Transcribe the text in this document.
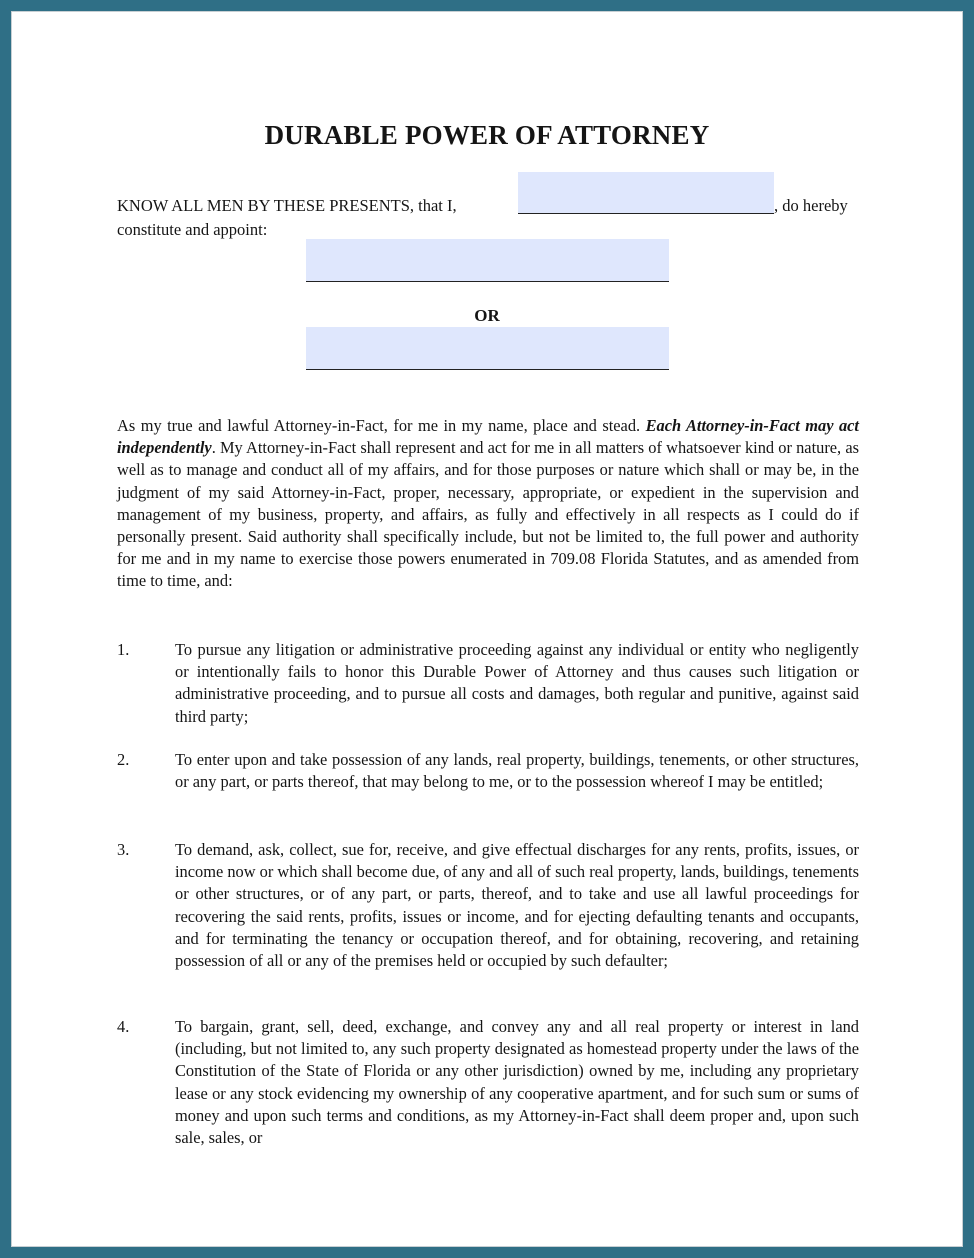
DURABLE POWER OF ATTORNEY
KNOW ALL MEN BY THESE PRESENTS, that I,	, do hereby
constitute and appoint:
OR

As my true and lawful Attorney-in-Fact, for me in my name, place and stead. Each Attorney-in-Fact may act independently. My Attorney-in-Fact shall represent and act for me in all matters of whatsoever kind or nature, as well as to manage and conduct all of my affairs, and for those purposes or nature which shall or may be, in the judgment of my said Attorney-in-Fact, proper, necessary, appropriate, or expedient in the supervision and management of my business, property, and affairs, as fully and effectively in all respects as I could do if personally present. Said authority shall specifically include, but not be limited to, the full power and authority for me and in my name to exercise those powers enumerated in 709.08 Florida Statutes, and as amended from time to time, and:

1.	To pursue any litigation or administrative proceeding against any individual or entity who negligently or intentionally fails to honor this Durable Power of Attorney and thus causes such litigation or administrative proceeding, and to pursue all costs and damages, both regular and punitive, against said third party;
2.	To enter upon and take possession of any lands, real property, buildings, tenements, or other structures, or any part, or parts thereof, that may belong to me, or to the possession whereof I may be entitled;
3.	To demand, ask, collect, sue for, receive, and give effectual discharges for any rents, profits, issues, or income now or which shall become due, of any and all of such real property, lands, buildings, tenements or other structures, or of any part, or parts, thereof, and to take and use all lawful proceedings for recovering the said rents, profits, issues or income, and for ejecting defaulting tenants and occupants, and for terminating the tenancy or occupation thereof, and for obtaining, recovering, and retaining possession of all or any of the premises held or occupied by such defaulter;
4.	To bargain, grant, sell, deed, exchange, and convey any and all real property or interest in land (including, but not limited to, any such property designated as homestead property under the laws of the Constitution of the State of Florida or any other jurisdiction) owned by me, including any proprietary lease or any stock evidencing my ownership of any cooperative apartment, and for such sum or sums of money and upon such terms and conditions, as my Attorney-in-Fact shall deem proper and, upon such sale, sales, or
